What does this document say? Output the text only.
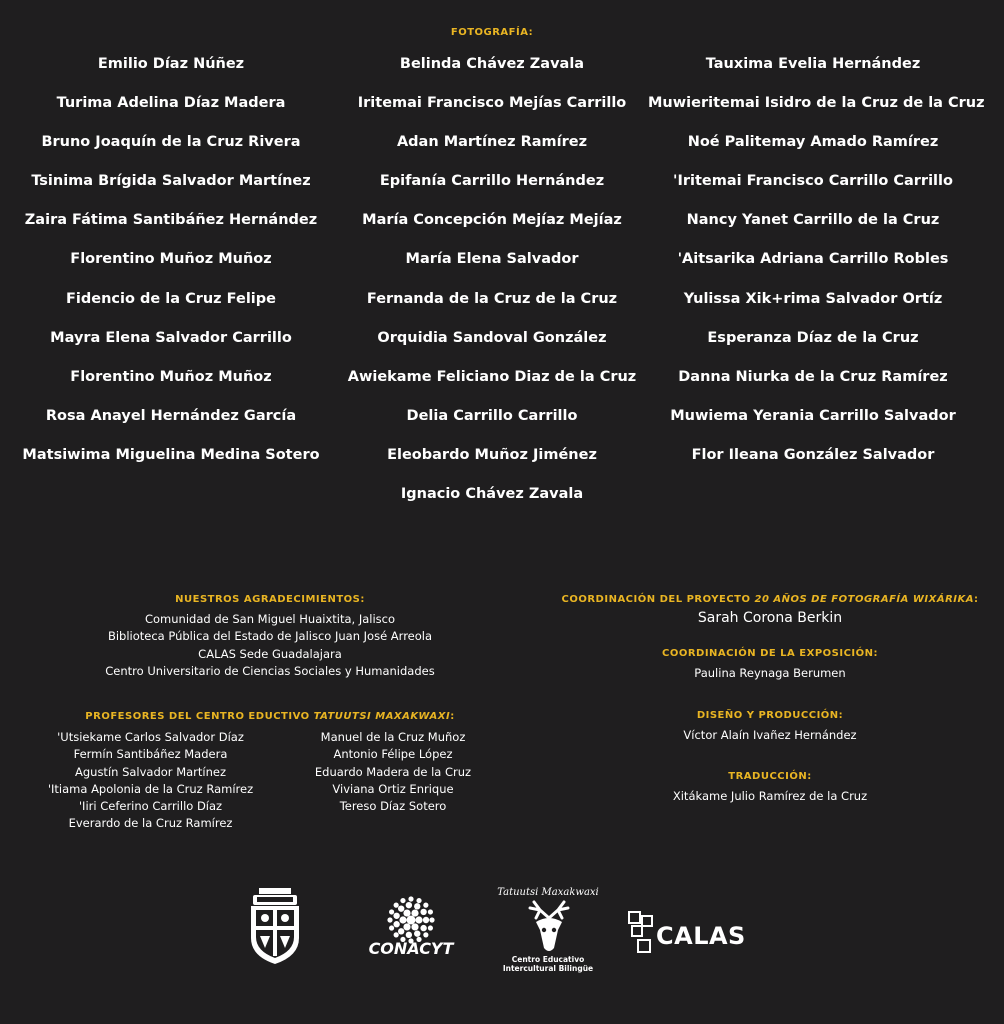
FOTOGRAFÍA:
Emilio Díaz Núñez
Turima Adelina Díaz Madera
Bruno Joaquín de la Cruz Rivera
Tsinima Brígida Salvador Martínez
Zaira Fátima Santibáñez Hernández
Florentino Muñoz Muñoz
Fidencio de la Cruz Felipe
Mayra Elena Salvador Carrillo
Florentino Muñoz Muñoz
Rosa Anayel Hernández García
Matsiwima Miguelina Medina Sotero
Belinda Chávez Zavala
Iritemai Francisco Mejías Carrillo
Adan Martínez Ramírez
Epifanía Carrillo Hernández
María Concepción Mejíaz Mejíaz
María Elena Salvador
Fernanda de la Cruz de la Cruz
Orquidia Sandoval González
Awiekame Feliciano Diaz de la Cruz
Delia Carrillo Carrillo
Eleobardo Muñoz Jiménez
Ignacio Chávez Zavala
Tauxima Evelia Hernández
Muwieritemai Isidro de la Cruz de la Cruz
Noé Palitemay Amado Ramírez
'Iritemai Francisco Carrillo Carrillo
Nancy Yanet Carrillo de la Cruz
'Aitsarika Adriana Carrillo Robles
Yulissa Xik+rima Salvador Ortíz
Esperanza Díaz de la Cruz
Danna Niurka de la Cruz Ramírez
Muwiema Yerania Carrillo Salvador
Flor Ileana González Salvador
NUESTROS AGRADECIMIENTOS:
Comunidad de San Miguel Huaixtita, Jalisco
Biblioteca Pública del Estado de Jalisco Juan José Arreola
CALAS Sede Guadalajara
Centro Universitario de Ciencias Sociales y Humanidades
PROFESORES DEL CENTRO EDUCTIVO TATUUTSI MAXAKWAXI:
'Utsiekame Carlos Salvador Díaz
Fermín Santibáñez Madera
Agustín Salvador Martínez
'Itiama Apolonia de la Cruz Ramírez
'Iiri Ceferino Carrillo Díaz
Everardo de la Cruz Ramírez
Manuel de la Cruz Muñoz
Antonio Félipe López
Eduardo Madera de la Cruz
Viviana Ortiz Enrique
Tereso Díaz Sotero
COORDINACIÓN DEL PROYECTO 20 AÑOS DE FOTOGRAFÍA WIXÁRIKA:
Sarah Corona Berkin
COORDINACIÓN DE LA EXPOSICIÓN:
Paulina Reynaga Berumen
DISEÑO Y PRODUCCIÓN:
Víctor Alaín Ivañez Hernández
TRADUCCIÓN:
Xitákame Julio Ramírez de la Cruz
CONACYT
Tatuutsi Maxakwaxi
Centro Educativo
Intercultural Bilingüe
CALAS
